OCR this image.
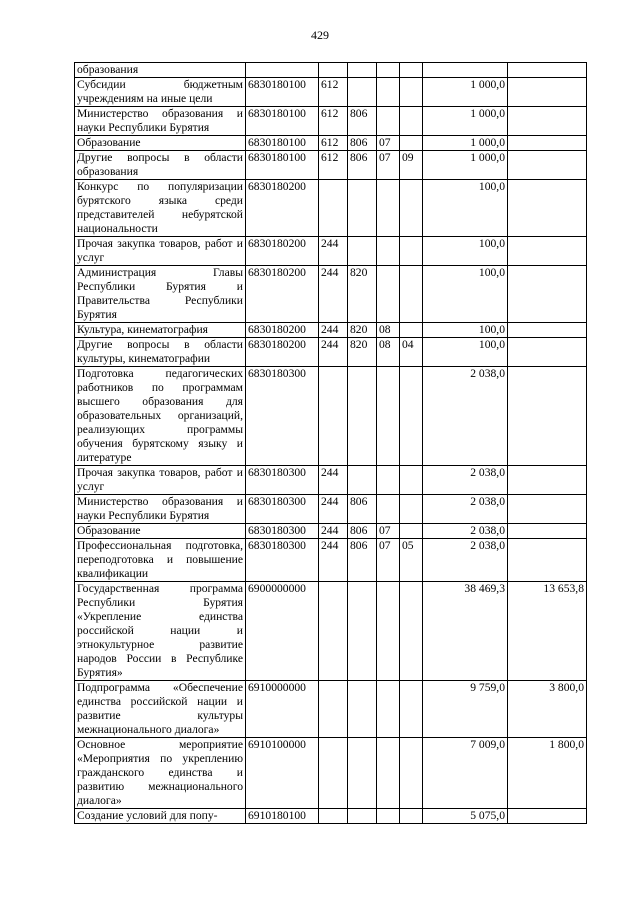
429
образования							
Субсидии бюджетным учреждениям на иные цели	6830180100	612				1 000,0	
Министерство образования и науки Республики Бурятия	6830180100	612	806			1 000,0	
Образование	6830180100	612	806	07		1 000,0	
Другие вопросы в области образования	6830180100	612	806	07	09	1 000,0	
Конкурс по популяризации бурятского языка среди представителей небурятской национальности	6830180200					100,0	
Прочая закупка товаров, работ и услуг	6830180200	244				100,0	
Администрация Главы Республики Бурятия и Правительства Республики Бурятия	6830180200	244	820			100,0	
Культура, кинематография	6830180200	244	820	08		100,0	
Другие вопросы в области культуры, кинематографии	6830180200	244	820	08	04	100,0	
Подготовка педагогических работников по программам высшего образования для образовательных организаций, реализующих программы обучения бурятскому языку и литературе	6830180300					2 038,0	
Прочая закупка товаров, работ и услуг	6830180300	244				2 038,0	
Министерство образования и науки Республики Бурятия	6830180300	244	806			2 038,0	
Образование	6830180300	244	806	07		2 038,0	
Профессиональная подготовка, переподготовка и повышение квалификации	6830180300	244	806	07	05	2 038,0	
Государственная программа Республики Бурятия «Укрепление единства российской нации и этнокультурное развитие народов России в Республике Бурятия»	6900000000					38 469,3	13 653,8
Подпрограмма «Обеспечение единства российской нации и развитие культуры межнационального диалога»	6910000000					9 759,0	3 800,0
Основное мероприятие «Мероприятия по укреплению гражданского единства и развитию межнационального диалога»	6910100000					7 009,0	1 800,0
Создание условий для попу-	6910180100					5 075,0	
